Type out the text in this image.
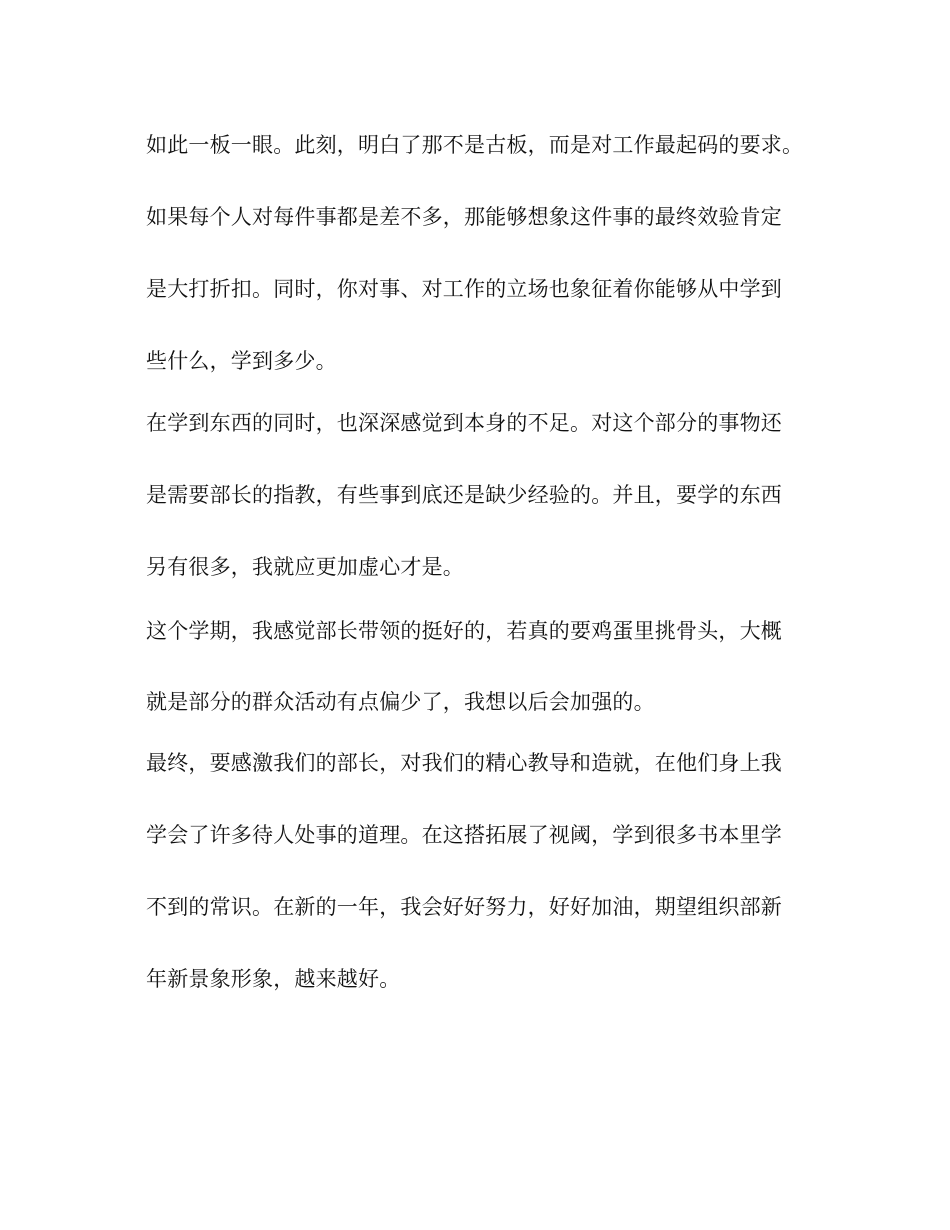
如此一板一眼。此刻，明白了那不是古板，而是对工作最起码的要求。
如果每个人对每件事都是差不多，那能够想象这件事的最终效验肯定
是大打折扣。同时，你对事、对工作的立场也象征着你能够从中学到
些什么，学到多少。
在学到东西的同时，也深深感觉到本身的不足。对这个部分的事物还
是需要部长的指教，有些事到底还是缺少经验的。并且，要学的东西
另有很多，我就应更加虚心才是。
这个学期，我感觉部长带领的挺好的，若真的要鸡蛋里挑骨头，大概
就是部分的群众活动有点偏少了，我想以后会加强的。
最终，要感激我们的部长，对我们的精心教导和造就，在他们身上我
学会了许多待人处事的道理。在这搭拓展了视阈，学到很多书本里学
不到的常识。在新的一年，我会好好努力，好好加油，期望组织部新
年新景象形象，越来越好。
